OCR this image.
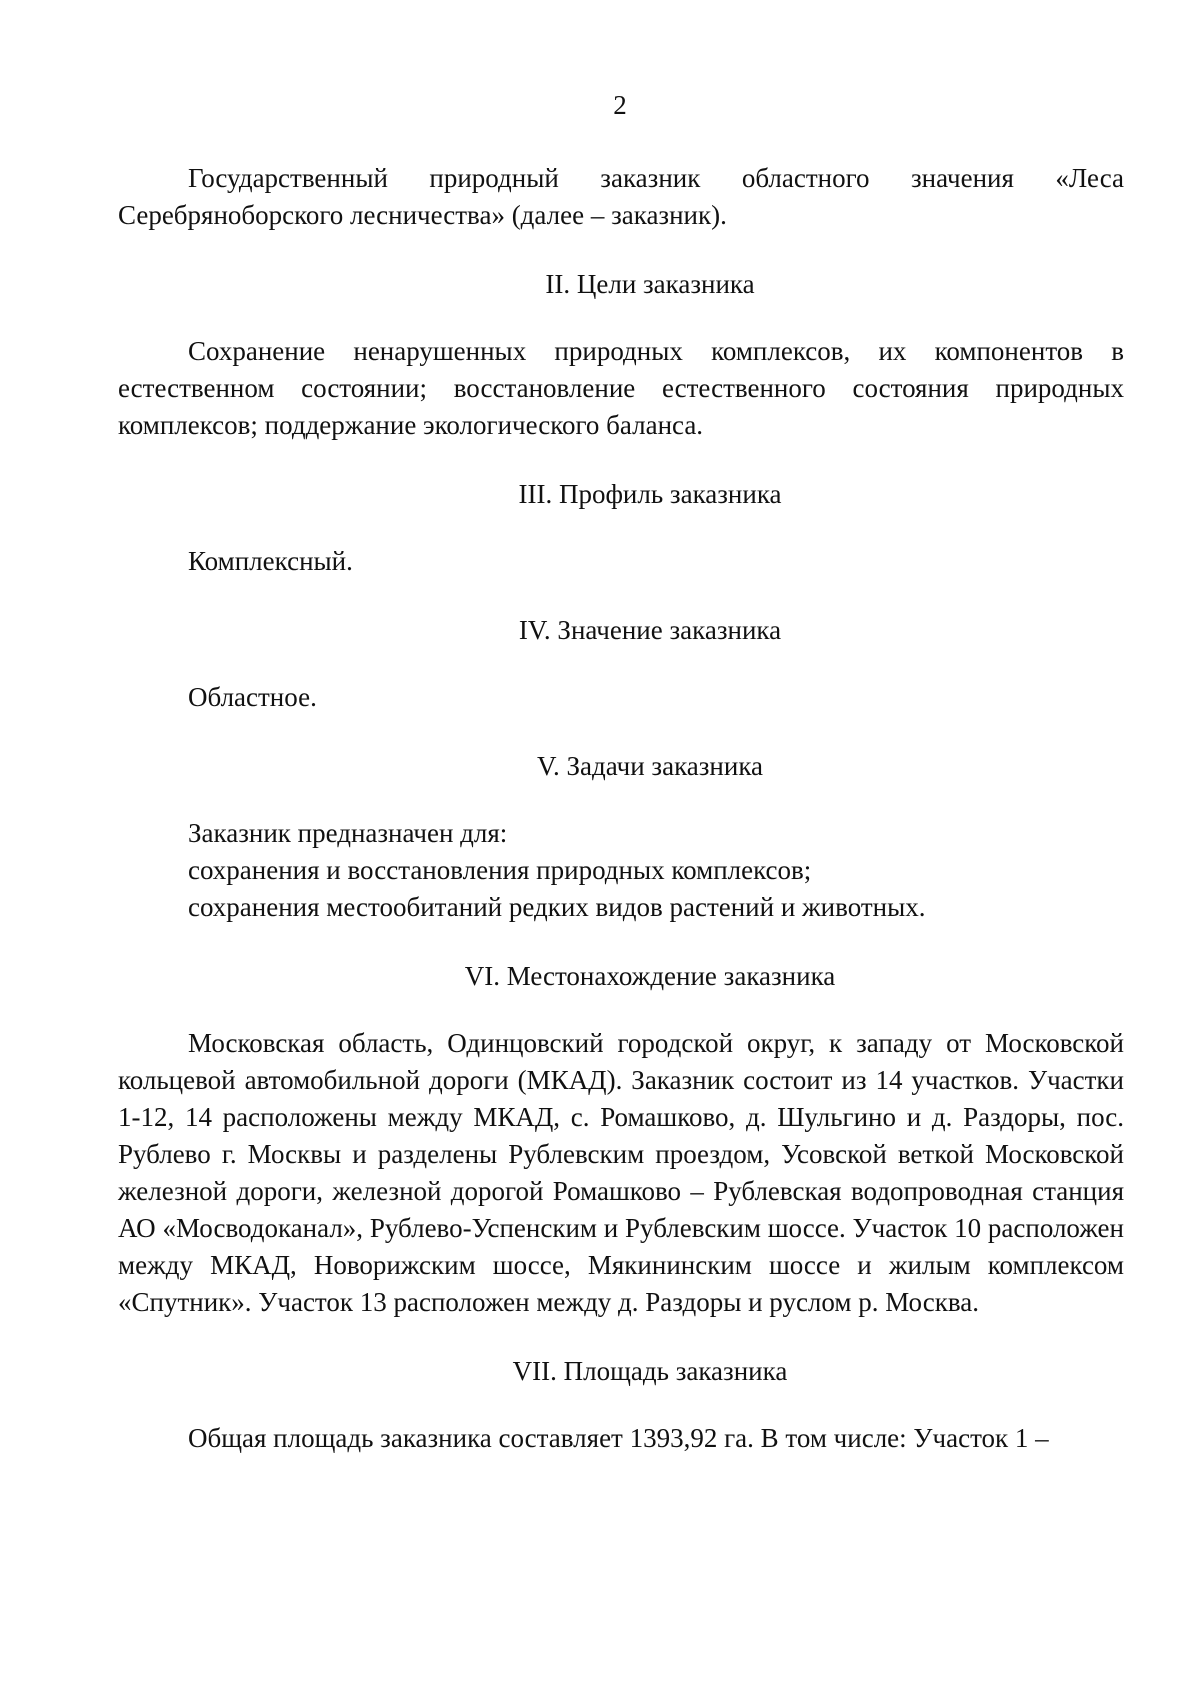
2

Государственный природный заказник областного значения «Леса Серебряноборского лесничества» (далее – заказник).

II. Цели заказника

Сохранение ненарушенных природных комплексов, их компонентов в естественном состоянии; восстановление естественного состояния природных комплексов; поддержание экологического баланса.

III. Профиль заказника

Комплексный.

IV. Значение заказника

Областное.

V. Задачи заказника

Заказник предназначен для:

сохранения и восстановления природных комплексов;

сохранения местообитаний редких видов растений и животных.

VI. Местонахождение заказника

Московская область, Одинцовский городской округ, к западу от Московской кольцевой автомобильной дороги (МКАД). Заказник состоит из 14 участков. Участки 1-12, 14 расположены между МКАД, с. Ромашково, д. Шульгино и д. Раздоры, пос. Рублево г. Москвы и разделены Рублевским проездом, Усовской веткой Московской железной дороги, железной дорогой Ромашково – Рублевская водопроводная станция АО «Мосводоканал», Рублево-Успенским и Рублевским шоссе. Участок 10 расположен между МКАД, Новорижским шоссе, Мякининским шоссе и жилым комплексом «Спутник». Участок 13 расположен между д. Раздоры и руслом р. Москва.

VII. Площадь заказника

Общая площадь заказника составляет 1393,92 га. В том числе: Участок 1 –
